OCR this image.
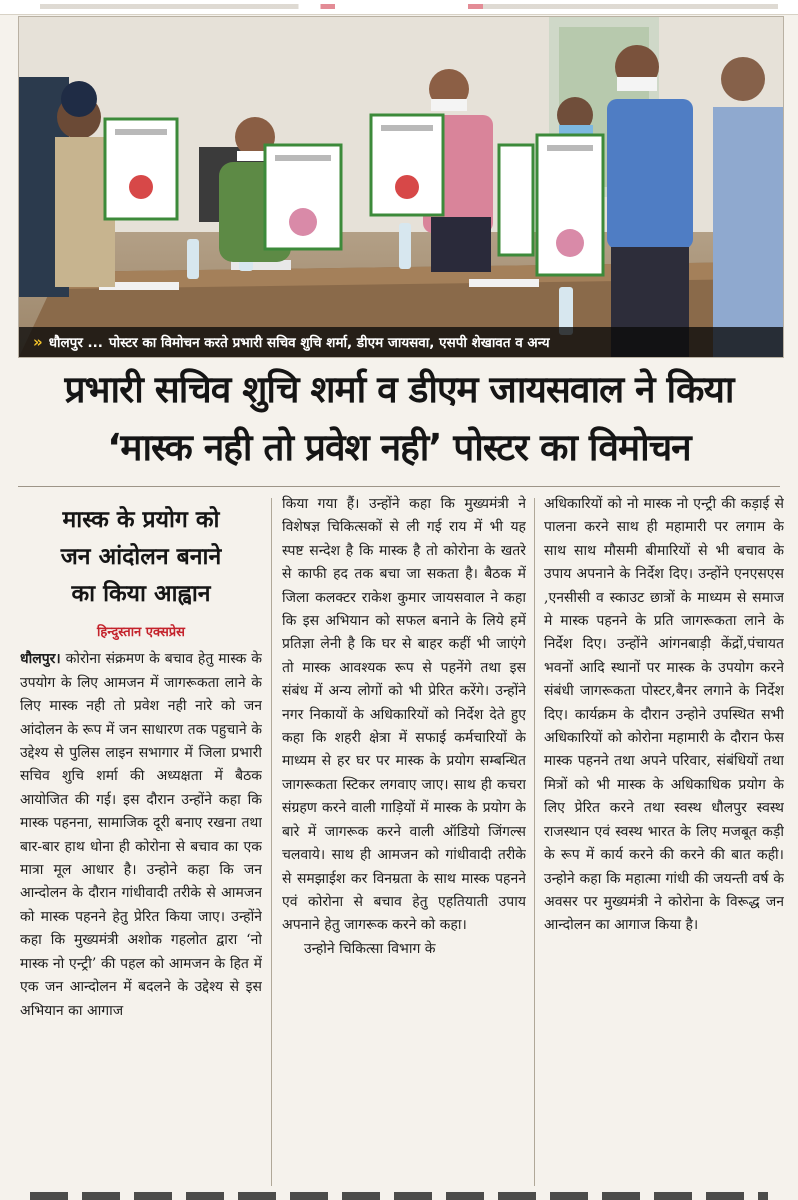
» धौलपुर ... पोस्टर का विमोचन करते प्रभारी सचिव शुचि शर्मा, डीएम जायसवा, एसपी शेखावत व अन्य
प्रभारी सचिव शुचि शर्मा व डीएम जायसवाल ने किया
‘मास्क नही तो प्रवेश नही’ पोस्टर का विमोचन
मास्क के प्रयोग को
जन आंदोलन बनाने
का किया आह्वान
हिन्दुस्तान एक्सप्रेस
धौलपुर। कोरोना संक्रमण के बचाव हेतु मास्क के उपयोग के लिए आमजन में जागरूकता लाने के लिए मास्क नही तो प्रवेश नही नारे को जन आंदोलन के रूप में जन साधारण तक पहुचाने के उद्देश्य से पुलिस लाइन सभागार में जिला प्रभारी सचिव शुचि शर्मा की अध्यक्षता में बैठक आयोजित की गई। इस दौरान उन्होंने कहा कि मास्क पहनना, सामाजिक दूरी बनाए रखना तथा बार-बार हाथ धोना ही कोरोना से बचाव का एक मात्रा मूल आधार है। उन्होने कहा कि जन आन्दोलन के दौरान गांधीवादी तरीके से आमजन को मास्क पहनने हेतु प्रेरित किया जाए। उन्होंने कहा कि मुख्यमंत्री अशोक गहलोत द्वारा ‘नो मास्क नो एन्ट्री’ की पहल को आमजन के हित में एक जन आन्दोलन में बदलने के उद्देश्य से इस अभियान का आगाज
किया गया हैं। उन्होंने कहा कि मुख्यमंत्री ने विशेषज्ञ चिकित्सकों से ली गई राय में भी यह स्पष्ट सन्देश है कि मास्क है तो कोरोना के खतरे से काफी हद तक बचा जा सकता है। बैठक में जिला कलक्टर राकेश कुमार जायसवाल ने कहा कि इस अभियान को सफल बनाने के लिये हमें प्रतिज्ञा लेनी है कि घर से बाहर कहीं भी जाएंगे तो मास्क आवश्यक रूप से पहनेंगे तथा इस संबंध में अन्य लोगों को भी प्रेरित करेंगे। उन्होंने नगर निकायों के अधिकारियों को निर्देश देते हुए कहा कि शहरी क्षेत्रा में सफाई कर्मचारियों के माध्यम से हर घर पर मास्क के प्रयोग सम्बन्धित जागरूकता स्टिकर लगवाए जाए। साथ ही कचरा संग्रहण करने वाली गाड़ियों में मास्क के प्रयोग के बारे में जागरूक करने वाली ऑडियो जिंगल्स चलवाये। साथ ही आमजन को गांधीवादी तरीके से समझाईश कर विनम्रता के साथ मास्क पहनने एवं कोरोना से बचाव हेतु एहतियाती उपाय अपनाने हेतु जागरूक करने को कहा।
उन्होने चिकित्सा विभाग के
अधिकारियों को नो मास्क नो एन्ट्री की कड़ाई से पालना करने साथ ही महामारी पर लगाम के साथ साथ मौसमी बीमारियों से भी बचाव के उपाय अपनाने के निर्देश दिए। उन्होंने एनएसएस ,एनसीसी व स्काउट छात्रों के माध्यम से समाज मे मास्क पहनने के प्रति जागरूकता लाने के निर्देश दिए। उन्होंने आंगनबाड़ी केंद्रों,पंचायत भवनों आदि स्थानों पर मास्क के उपयोग करने संबंधी जागरूकता पोस्टर,बैनर लगाने के निर्देश दिए। कार्यक्रम के दौरान उन्होने उपस्थित सभी अधिकारियों को कोरोना महामारी के दौरान फेस मास्क पहनने तथा अपने परिवार, संबंधियों तथा मित्रों को भी मास्क के अधिकाधिक प्रयोग के लिए प्रेरित करने तथा स्वस्थ धौलपुर स्वस्थ राजस्थान एवं स्वस्थ भारत के लिए मजबूत कड़ी के रूप में कार्य करने की करने की बात कही। उन्होने कहा कि महात्मा गांधी की जयन्ती वर्ष के अवसर पर मुख्यमंत्री ने कोरोना के विरूद्ध जन आन्दोलन का आगाज किया है।
